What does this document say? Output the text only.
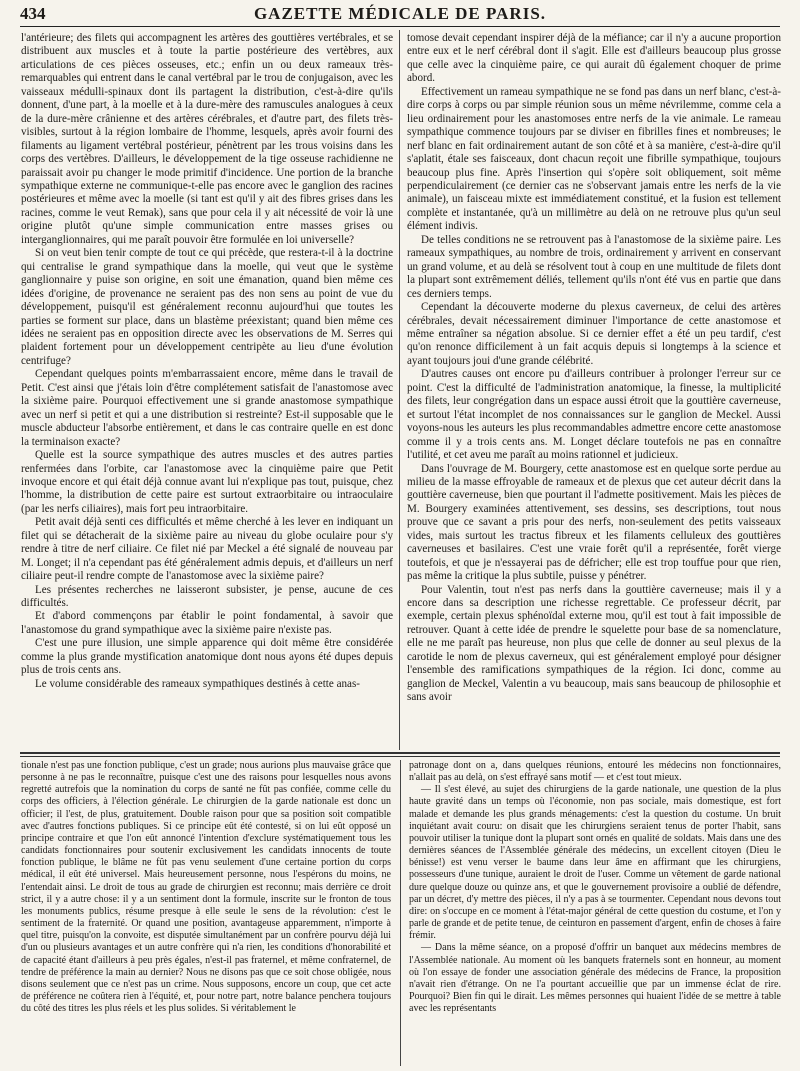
434	GAZETTE MÉDICALE DE PARIS.

l'antérieure; des filets qui accompagnent les artères des gouttières vertébrales, et se distribuent aux muscles et à toute la partie postérieure des vertèbres, aux articulations de ces pièces osseuses, etc.; enfin un ou deux rameaux très-remarquables qui entrent dans le canal vertébral par le trou de conjugaison, avec les vaisseaux médulli-spinaux dont ils partagent la distribution, c'est-à-dire qu'ils donnent, d'une part, à la moelle et à la dure-mère des ramuscules analogues à ceux de la dure-mère crânienne et des artères cérébrales, et d'autre part, des filets très-visibles, surtout à la région lombaire de l'homme, lesquels, après avoir fourni des filaments au ligament vertébral postérieur, pénètrent par les trous voisins dans les corps des vertèbres. D'ailleurs, le développement de la tige osseuse rachidienne ne paraissait avoir pu changer le mode primitif d'incidence. Une portion de la branche sympathique externe ne communique-t-elle pas encore avec le ganglion des racines postérieures et même avec la moelle (si tant est qu'il y ait des fibres grises dans les racines, comme le veut Remak), sans que pour cela il y ait nécessité de voir là une origine plutôt qu'une simple communication entre masses grises ou interganglionnaires, qui me paraît pouvoir être formulée en loi universelle?

Si on veut bien tenir compte de tout ce qui précède, que restera-t-il à la doctrine qui centralise le grand sympathique dans la moelle, qui veut que le système ganglionnaire y puise son origine, en soit une émanation, quand bien même ces idées d'origine, de provenance ne seraient pas des non sens au point de vue du développement, puisqu'il est généralement reconnu aujourd'hui que toutes les parties se forment sur place, dans un blastème préexistant; quand bien même ces idées ne seraient pas en opposition directe avec les observations de M. Serres qui plaident fortement pour un développement centripète au lieu d'une évolution centrifuge?

Cependant quelques points m'embarrassaient encore, même dans le travail de Petit. C'est ainsi que j'étais loin d'être complétement satisfait de l'anastomose avec la sixième paire. Pourquoi effectivement une si grande anastomose sympathique avec un nerf si petit et qui a une distribution si restreinte? Est-il supposable que le muscle abducteur l'absorbe entièrement, et dans le cas contraire quelle en est donc la terminaison exacte?

Quelle est la source sympathique des autres muscles et des autres parties renfermées dans l'orbite, car l'anastomose avec la cinquième paire que Petit invoque encore et qui était déjà connue avant lui n'explique pas tout, puisque, chez l'homme, la distribution de cette paire est surtout extraorbitaire ou intraoculaire (par les nerfs ciliaires), mais fort peu intraorbitaire.

Petit avait déjà senti ces difficultés et même cherché à les lever en indiquant un filet qui se détacherait de la sixième paire au niveau du globe oculaire pour s'y rendre à titre de nerf ciliaire. Ce filet nié par Meckel a été signalé de nouveau par M. Longet; il n'a cependant pas été généralement admis depuis, et d'ailleurs un nerf ciliaire peut-il rendre compte de l'anastomose avec la sixième paire?

Les présentes recherches ne laisseront subsister, je pense, aucune de ces difficultés.

Et d'abord commençons par établir le point fondamental, à savoir que l'anastomose du grand sympathique avec la sixième paire n'existe pas.

C'est une pure illusion, une simple apparence qui doit même être considérée comme la plus grande mystification anatomique dont nous ayons été dupes depuis plus de trois cents ans.

Le volume considérable des rameaux sympathiques destinés à cette anas-

tomose devait cependant inspirer déjà de la méfiance; car il n'y a aucune proportion entre eux et le nerf cérébral dont il s'agit. Elle est d'ailleurs beaucoup plus grosse que celle avec la cinquième paire, ce qui aurait dû également choquer de prime abord.

Effectivement un rameau sympathique ne se fond pas dans un nerf blanc, c'est-à-dire corps à corps ou par simple réunion sous un même névrilemme, comme cela a lieu ordinairement pour les anastomoses entre nerfs de la vie animale. Le rameau sympathique commence toujours par se diviser en fibrilles fines et nombreuses; le nerf blanc en fait ordinairement autant de son côté et à sa manière, c'est-à-dire qu'il s'aplatit, étale ses faisceaux, dont chacun reçoit une fibrille sympathique, toujours beaucoup plus fine. Après l'insertion qui s'opère soit obliquement, soit même perpendiculairement (ce dernier cas ne s'observant jamais entre les nerfs de la vie animale), un faisceau mixte est immédiatement constitué, et la fusion est tellement complète et instantanée, qu'à un millimètre au delà on ne retrouve plus qu'un seul élément indivis.

De telles conditions ne se retrouvent pas à l'anastomose de la sixième paire. Les rameaux sympathiques, au nombre de trois, ordinairement y arrivent en conservant un grand volume, et au delà se résolvent tout à coup en une multitude de filets dont la plupart sont extrêmement déliés, tellement qu'ils n'ont été vus en partie que dans ces derniers temps.

Cependant la découverte moderne du plexus caverneux, de celui des artères cérébrales, devait nécessairement diminuer l'importance de cette anastomose et même entraîner sa négation absolue. Si ce dernier effet a été un peu tardif, c'est qu'on renonce difficilement à un fait acquis depuis si longtemps à la science et ayant toujours joui d'une grande célébrité.

D'autres causes ont encore pu d'ailleurs contribuer à prolonger l'erreur sur ce point. C'est la difficulté de l'administration anatomique, la finesse, la multiplicité des filets, leur congrégation dans un espace aussi étroit que la gouttière caverneuse, et surtout l'état incomplet de nos connaissances sur le ganglion de Meckel. Aussi voyons-nous les auteurs les plus recommandables admettre encore cette anastomose comme il y a trois cents ans. M. Longet déclare toutefois ne pas en connaître l'utilité, et cet aveu me paraît au moins rationnel et judicieux.

Dans l'ouvrage de M. Bourgery, cette anastomose est en quelque sorte perdue au milieu de la masse effroyable de rameaux et de plexus que cet auteur décrit dans la gouttière caverneuse, bien que pourtant il l'admette positivement. Mais les pièces de M. Bourgery examinées attentivement, ses dessins, ses descriptions, tout nous prouve que ce savant a pris pour des nerfs, non-seulement des petits vaisseaux vides, mais surtout les tractus fibreux et les filaments celluleux des gouttières caverneuses et basilaires. C'est une vraie forêt qu'il a représentée, forêt vierge toutefois, et que je n'essayerai pas de défricher; elle est trop touffue pour que rien, pas même la critique la plus subtile, puisse y pénétrer.

Pour Valentin, tout n'est pas nerfs dans la gouttière caverneuse; mais il y a encore dans sa description une richesse regrettable. Ce professeur décrit, par exemple, certain plexus sphénoïdal externe mou, qu'il est tout à fait impossible de retrouver. Quant à cette idée de prendre le squelette pour base de sa nomenclature, elle ne me paraît pas heureuse, non plus que celle de donner au seul plexus de la carotide le nom de plexus caverneux, qui est généralement employé pour désigner l'ensemble des ramifications sympathiques de la région. Ici donc, comme au ganglion de Meckel, Valentin a vu beaucoup, mais sans beaucoup de philosophie et sans avoir

tionale n'est pas une fonction publique, c'est un grade; nous aurions plus mauvaise grâce que personne à ne pas le reconnaître, puisque c'est une des raisons pour lesquelles nous avons regretté autrefois que la nomination du corps de santé ne fût pas confiée, comme celle du corps des officiers, à l'élection générale. Le chirurgien de la garde nationale est donc un officier; il l'est, de plus, gratuitement. Double raison pour que sa position soit compatible avec d'autres fonctions publiques. Si ce principe eût été contesté, si on lui eût opposé un principe contraire et que l'on eût annoncé l'intention d'exclure systématiquement tous les candidats fonctionnaires pour soutenir exclusivement les candidats innocents de toute fonction publique, le blâme ne fût pas venu seulement d'une certaine portion du corps médical, il eût été universel. Mais heureusement personne, nous l'espérons du moins, ne l'entendait ainsi. Le droit de tous au grade de chirurgien est reconnu; mais derrière ce droit strict, il y a autre chose: il y a un sentiment dont la formule, inscrite sur le fronton de tous les monuments publics, résume presque à elle seule le sens de la révolution: c'est le sentiment de la fraternité. Or quand une position, avantageuse apparemment, n'importe à quel titre, puisqu'on la convoite, est disputée simultanément par un confrère pourvu déjà lui d'un ou plusieurs avantages et un autre confrère qui n'a rien, les conditions d'honorabilité et de capacité étant d'ailleurs à peu près égales, n'est-il pas fraternel, et même confraternel, de tendre de préférence la main au dernier? Nous ne disons pas que ce soit chose obligée, nous disons seulement que ce n'est pas un crime. Nous supposons, encore un coup, que cet acte de préférence ne coûtera rien à l'équité, et, pour notre part, notre balance penchera toujours du côté des titres les plus réels et les plus solides. Si véritablement le

patronage dont on a, dans quelques réunions, entouré les médecins non fonctionnaires, n'allait pas au delà, on s'est effrayé sans motif — et c'est tout mieux.

— Il s'est élevé, au sujet des chirurgiens de la garde nationale, une question de la plus haute gravité dans un temps où l'économie, non pas sociale, mais domestique, est fort malade et demande les plus grands ménagements: c'est la question du costume. Un bruit inquiétant avait couru: on disait que les chirurgiens seraient tenus de porter l'habit, sans pouvoir utiliser la tunique dont la plupart sont ornés en qualité de soldats. Mais dans une des dernières séances de l'Assemblée générale des médecins, un excellent citoyen (Dieu le bénisse!) est venu verser le baume dans leur âme en affirmant que les chirurgiens, possesseurs d'une tunique, auraient le droit de l'user. Comme un vêtement de garde national dure quelque douze ou quinze ans, et que le gouvernement provisoire a oublié de défendre, par un décret, d'y mettre des pièces, il n'y a pas à se tourmenter. Cependant nous devons tout dire: on s'occupe en ce moment à l'état-major général de cette question du costume, et l'on y parle de grande et de petite tenue, de ceinturon en passement d'argent, enfin de choses à faire frémir.

— Dans la même séance, on a proposé d'offrir un banquet aux médecins membres de l'Assemblée nationale. Au moment où les banquets fraternels sont en honneur, au moment où l'on essaye de fonder une association générale des médecins de France, la proposition n'avait rien d'étrange. On ne l'a pourtant accueillie que par un immense éclat de rire. Pourquoi? Bien fin qui le dirait. Les mêmes personnes qui huaient l'idée de se mettre à table avec les représentants
